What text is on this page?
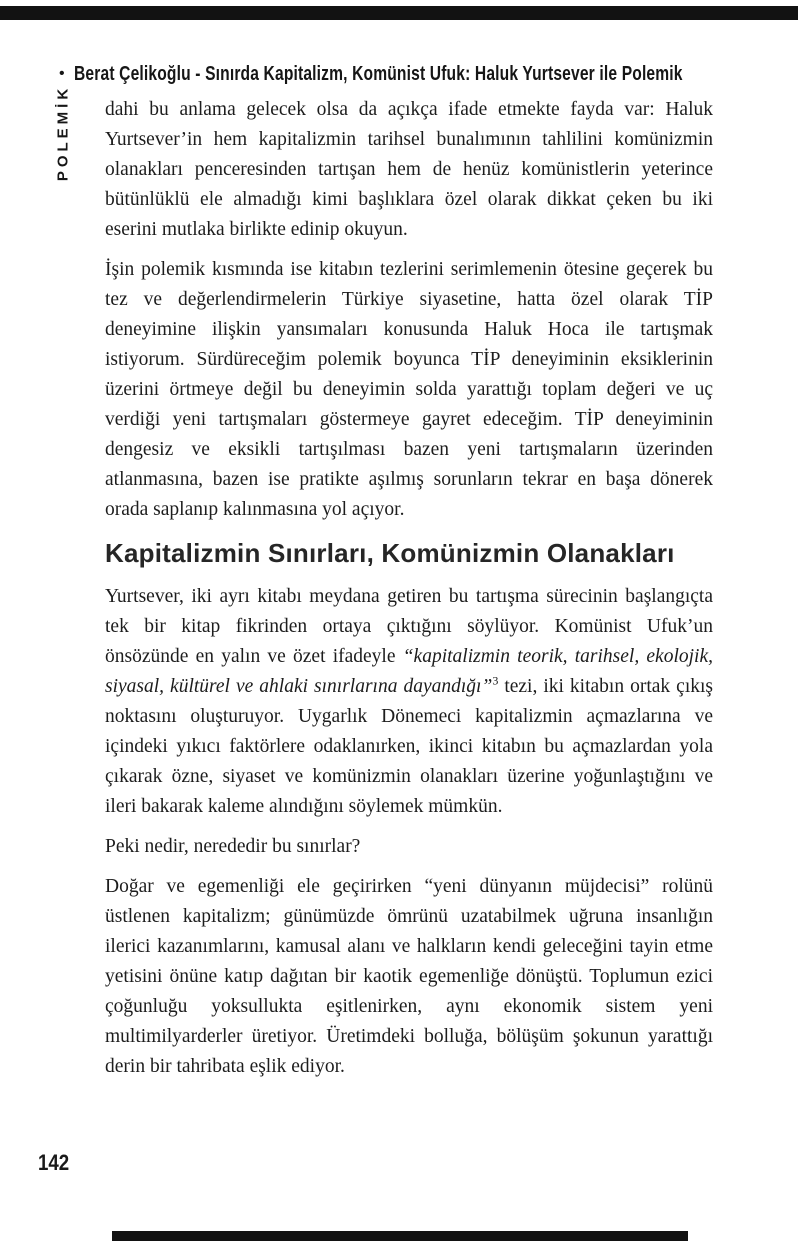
• Berat Çelikoğlu - Sınırda Kapitalizm, Komünist Ufuk: Haluk Yurtsever ile Polemik
POLEMİK dahi bu anlama gelecek olsa da açıkça ifade etmekte fayda var: Haluk Yurtsever’in hem kapitalizmin tarihsel bunalımının tahlilini komünizmin olanakları penceresinden tartışan hem de henüz komünistlerin yeterince bütünlüklü ele almadığı kimi başlıklara özel olarak dikkat çeken bu iki eserini mutlaka birlikte edinip okuyun.

İşin polemik kısmında ise kitabın tezlerini serimlemenin ötesine geçerek bu tez ve değerlendirmelerin Türkiye siyasetine, hatta özel olarak TİP deneyimine ilişkin yansımaları konusunda Haluk Hoca ile tartışmak istiyorum. Sürdüreceğim polemik boyunca TİP deneyiminin eksiklerinin üzerini örtmeye değil bu deneyimin solda yarattığı toplam değeri ve uç verdiği yeni tartışmaları göstermeye gayret edeceğim. TİP deneyiminin dengesiz ve eksikli tartışılması bazen yeni tartışmaların üzerinden atlanmasına, bazen ise pratikte aşılmış sorunların tekrar en başa dönerek orada saplanıp kalınmasına yol açıyor.

Kapitalizmin Sınırları, Komünizmin Olanakları

Yurtsever, iki ayrı kitabı meydana getiren bu tartışma sürecinin başlangıçta tek bir kitap fikrinden ortaya çıktığını söylüyor. Komünist Ufuk’un önsözünde en yalın ve özet ifadeyle “kapitalizmin teorik, tarihsel, ekolojik, siyasal, kültürel ve ahlaki sınırlarına dayandığı”$^3$ tezi, iki kitabın ortak çıkış noktasını oluşturuyor. Uygarlık Dönemeci kapitalizmin açmazlarına ve içindeki yıkıcı faktörlere odaklanırken, ikinci kitabın bu açmazlardan yola çıkarak özne, siyaset ve komünizmin olanakları üzerine yoğunlaştığını ve ileri bakarak kaleme alındığını söylemek mümkün.

Peki nedir, nerededir bu sınırlar?

Doğar ve egemenliği ele geçirirken “yeni dünyanın müjdecisi” rolünü üstlenen kapitalizm; günümüzde ömrünü uzatabilmek uğruna insanlığın ilerici kazanımlarını, kamusal alanı ve halkların kendi geleceğini tayin etme yetisini önüne katıp dağıtan bir kaotik egemenliğe dönüştü. Toplumun ezici çoğunluğu yoksullukta eşitlenirken, aynı ekonomik sistem yeni multimilyarderler üretiyor. Üretimdeki bolluğa, bölüşüm şokunun yarattığı derin bir tahribata eşlik ediyor.

142
